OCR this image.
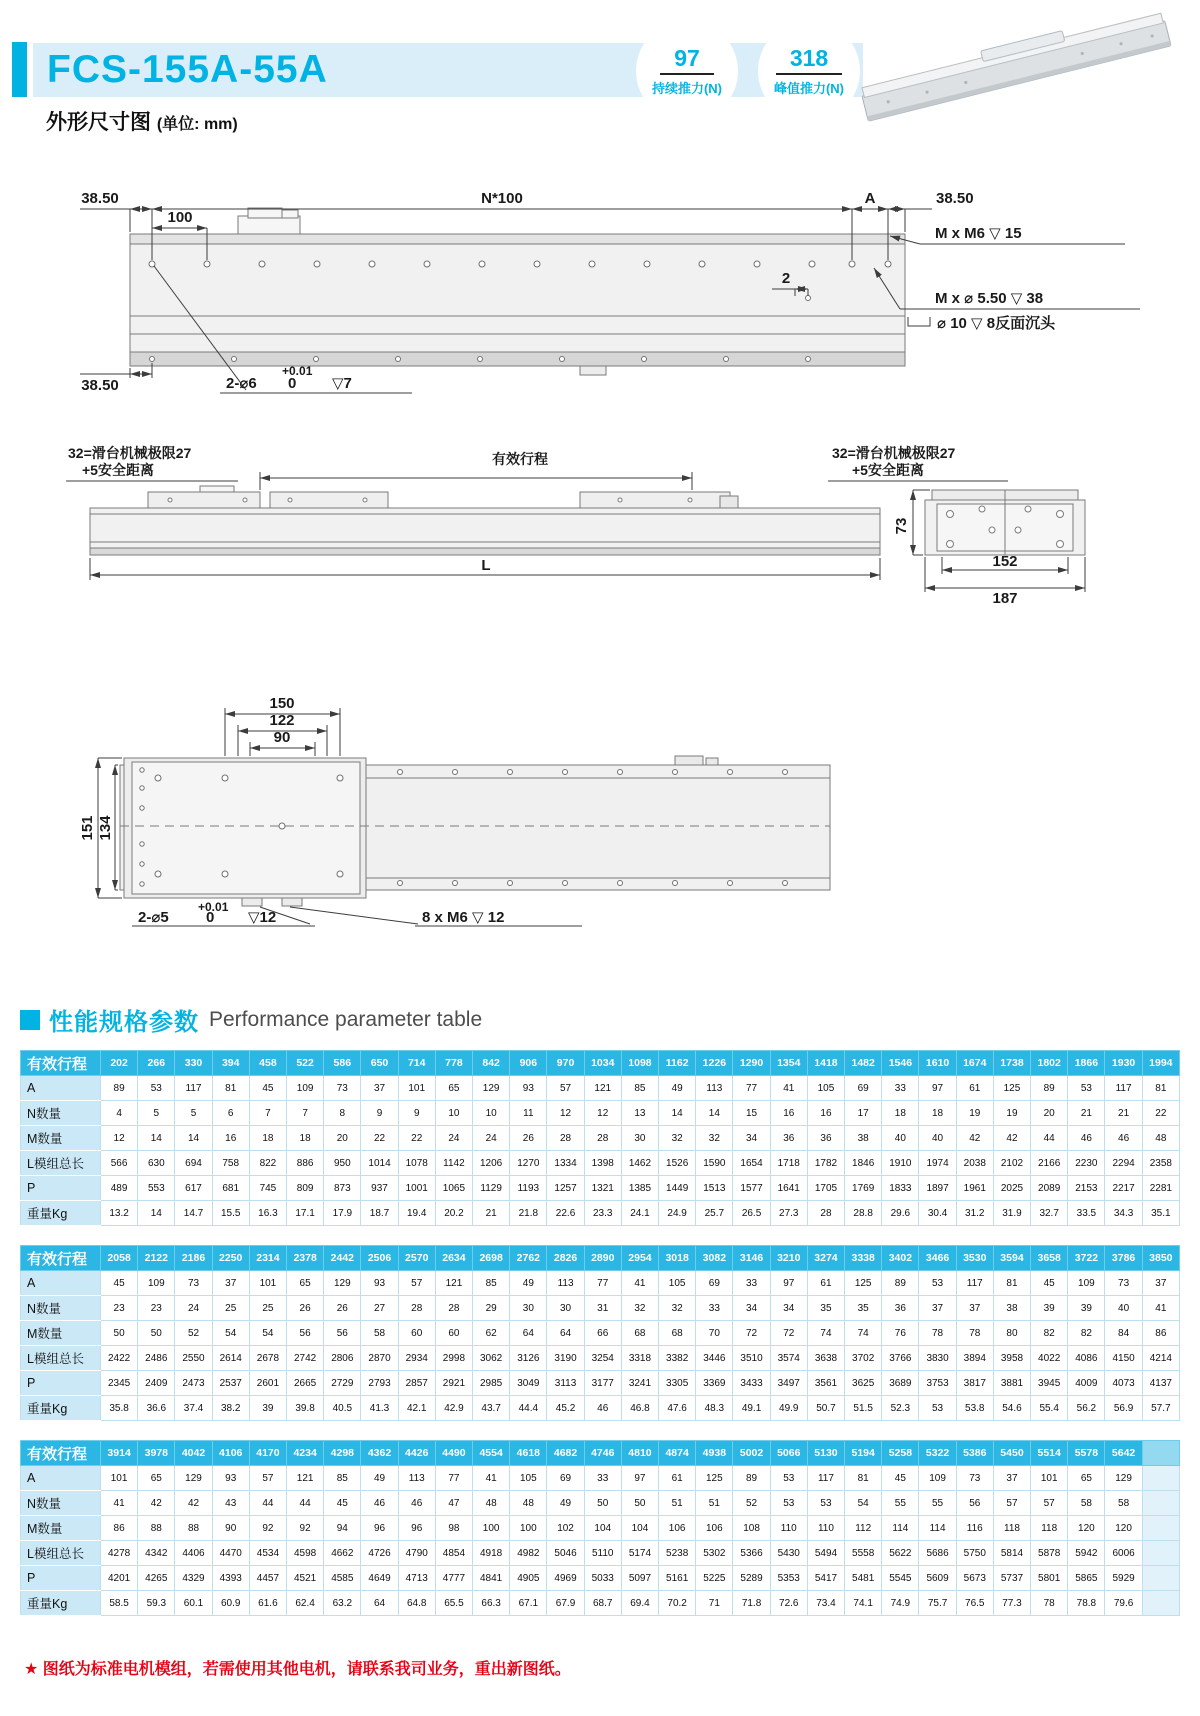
FCS-155A-55A	97
持续推力(N)
318
峰值推力(N)
外形尺寸图 (单位: mm)
38.50
100
N*100	A	38.50
M x M6 ▽ 15
M x ⌀ 5.50 ▽ 38
⌀ 10 ▽ 8反面沉头
2
38.50	2-⌀6
+0.01
0 ▽7
32=滑台机械极限27
+5安全距离
32=滑台机械极限27
+5安全距离
有效行程
L
73
152
187
150
122
90
151 134
2-⌀5
+0.01
0 ▽12	8 x M6 ▽ 12
性能规格参数 Performance parameter table
有效行程	202	266	330	394	458	522	586	650	714	778	842	906	970	1034	1098	1162	1226	1290	1354	1418	1482	1546	1610	1674	1738	1802	1866	1930	1994
A	89	53	117	81	45	109	73	37	101	65	129	93	57	121	85	49	113	77	41	105	69	33	97	61	125	89	53	117	81
N数量	4	5	5	6	7	7	8	9	9	10	10	11	12	12	13	14	14	15	16	16	17	18	18	19	19	20	21	21	22
M数量	12	14	14	16	18	18	20	22	22	24	24	26	28	28	30	32	32	34	36	36	38	40	40	42	42	44	46	46	48
L模组总长	566	630	694	758	822	886	950	1014	1078	1142	1206	1270	1334	1398	1462	1526	1590	1654	1718	1782	1846	1910	1974	2038	2102	2166	2230	2294	2358
P	489	553	617	681	745	809	873	937	1001	1065	1129	1193	1257	1321	1385	1449	1513	1577	1641	1705	1769	1833	1897	1961	2025	2089	2153	2217	2281
重量Kg	13.2	14	14.7	15.5	16.3	17.1	17.9	18.7	19.4	20.2	21	21.8	22.6	23.3	24.1	24.9	25.7	26.5	27.3	28	28.8	29.6	30.4	31.2	31.9	32.7	33.5	34.3	35.1
有效行程	2058	2122	2186	2250	2314	2378	2442	2506	2570	2634	2698	2762	2826	2890	2954	3018	3082	3146	3210	3274	3338	3402	3466	3530	3594	3658	3722	3786	3850
A	45	109	73	37	101	65	129	93	57	121	85	49	113	77	41	105	69	33	97	61	125	89	53	117	81	45	109	73	37
N数量	23	23	24	25	25	26	26	27	28	28	29	30	30	31	32	32	33	34	34	35	35	36	37	37	38	39	39	40	41
M数量	50	50	52	54	54	56	56	58	60	60	62	64	64	66	68	68	70	72	72	74	74	76	78	78	80	82	82	84	86
L模组总长	2422	2486	2550	2614	2678	2742	2806	2870	2934	2998	3062	3126	3190	3254	3318	3382	3446	3510	3574	3638	3702	3766	3830	3894	3958	4022	4086	4150	4214
P	2345	2409	2473	2537	2601	2665	2729	2793	2857	2921	2985	3049	3113	3177	3241	3305	3369	3433	3497	3561	3625	3689	3753	3817	3881	3945	4009	4073	4137
重量Kg	35.8	36.6	37.4	38.2	39	39.8	40.5	41.3	42.1	42.9	43.7	44.4	45.2	46	46.8	47.6	48.3	49.1	49.9	50.7	51.5	52.3	53	53.8	54.6	55.4	56.2	56.9	57.7
有效行程	3914	3978	4042	4106	4170	4234	4298	4362	4426	4490	4554	4618	4682	4746	4810	4874	4938	5002	5066	5130	5194	5258	5322	5386	5450	5514	5578	5642	
A	101	65	129	93	57	121	85	49	113	77	41	105	69	33	97	61	125	89	53	117	81	45	109	73	37	101	65	129	
N数量	41	42	42	43	44	44	45	46	46	47	48	48	49	50	50	51	51	52	53	53	54	55	55	56	57	57	58	58	
M数量	86	88	88	90	92	92	94	96	96	98	100	100	102	104	104	106	106	108	110	110	112	114	114	116	118	118	120	120	
L模组总长	4278	4342	4406	4470	4534	4598	4662	4726	4790	4854	4918	4982	5046	5110	5174	5238	5302	5366	5430	5494	5558	5622	5686	5750	5814	5878	5942	6006	
P	4201	4265	4329	4393	4457	4521	4585	4649	4713	4777	4841	4905	4969	5033	5097	5161	5225	5289	5353	5417	5481	5545	5609	5673	5737	5801	5865	5929	
重量Kg	58.5	59.3	60.1	60.9	61.6	62.4	63.2	64	64.8	65.5	66.3	67.1	67.9	68.7	69.4	70.2	71	71.8	72.6	73.4	74.1	74.9	75.7	76.5	77.3	78	78.8	79.6	
★ 图纸为标准电机模组，若需使用其他电机，请联系我司业务，重出新图纸。
